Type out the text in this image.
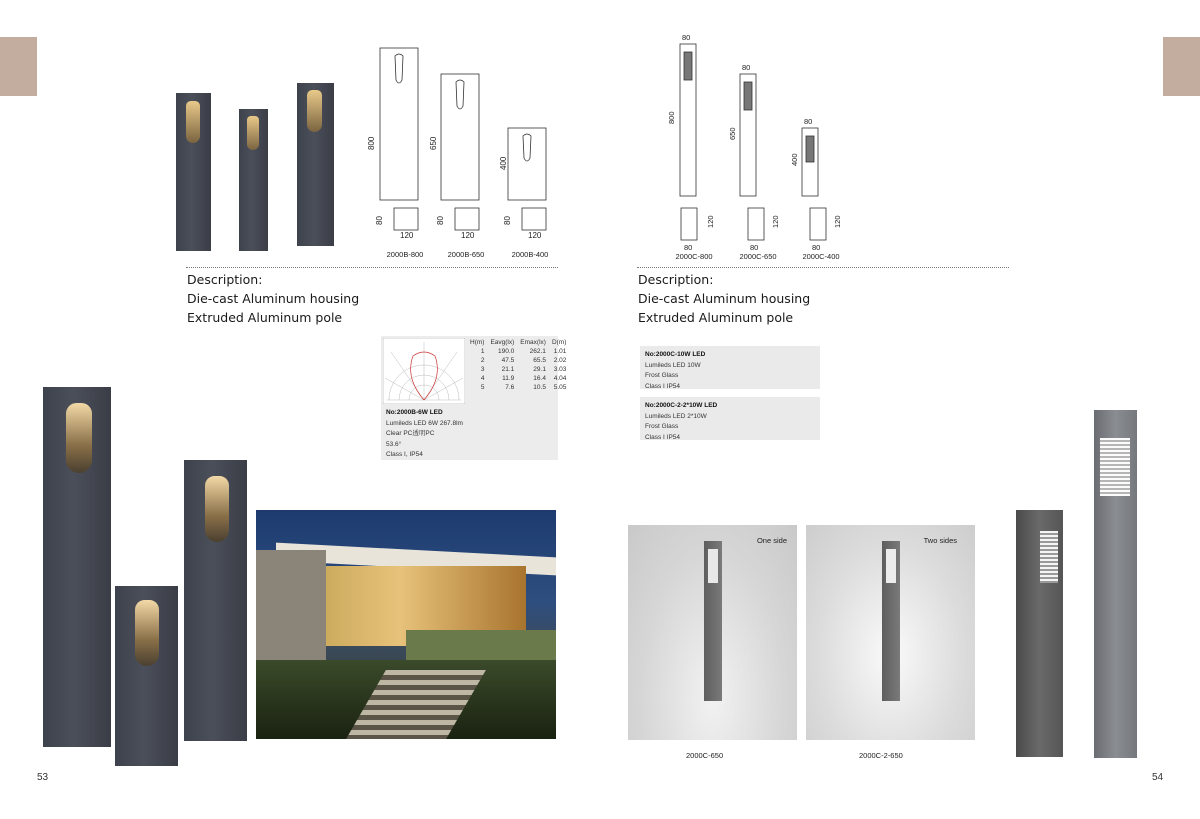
800	650
400
80	80	80
120	120	120
2000B-800	2000B-650	2000B-400
Description:
Die-cast Aluminum housing
Extruded Aluminum pole
H(m)	Eavg(lx)	Emax(lx)	D(m)
1	190.0	262.1	1.01
2	47.5	65.5	2.02
3	21.1	29.1	3.03
4	11.9	16.4	4.04
5	7.6	10.5	5.05
No:2000B-6W LED
Lumileds LED 6W 267.8lm
Clear PC透明PC
53.6°
Class I, IP54
53
80
80
80
800
650
400
120	120	120
80	80	80
2000C-800	2000C-650	2000C-400
Description:
Die-cast Aluminum housing
Extruded Aluminum pole
No:2000C-10W LED
Lumileds LED 10W
Frost Glass
Class I IP54
No:2000C-2-2*10W LED
Lumileds LED 2*10W
Frost Glass
Class I IP54
One side	Two sides
2000C-650	2000C-2-650
54
